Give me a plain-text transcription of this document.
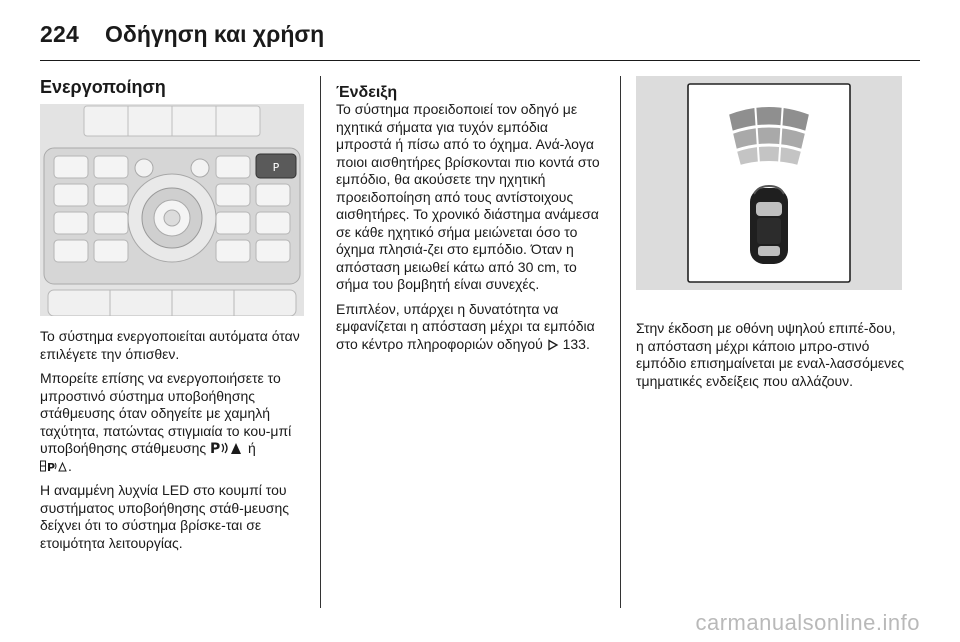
224 Οδήγηση και χρήση
Ενεργοποίηση
P

Το σύστημα ενεργοποιείται αυτόματα όταν επιλέγετε την όπισθεν.

Μπορείτε επίσης να ενεργοποιήσετε το μπροστινό σύστημα υποβοήθησης στάθμευσης όταν οδηγείτε με χαμηλή ταχύτητα, πατώντας στιγμιαία το κου-μπί υποβοήθησης στάθμευσης P ή

P .

Η αναμμένη λυχνία LED στο κουμπί του συστήματος υποβοήθησης στάθ-μευσης δείχνει ότι το σύστημα βρίσκε-ται σε ετοιμότητα λειτουργίας.

Ένδειξη

Το σύστημα προειδοποιεί τον οδηγό με ηχητικά σήματα για τυχόν εμπόδια μπροστά ή πίσω από το όχημα. Ανά-λογα ποιοι αισθητήρες βρίσκονται πιο κοντά στο εμπόδιο, θα ακούσετε την ηχητική προειδοποίηση από τους αντίστοιχους αισθητήρες. Το χρονικό διάστημα ανάμεσα σε κάθε ηχητικό σήμα μειώνεται όσο το όχημα πλησιά-ζει στο εμπόδιο. Όταν η απόσταση μειωθεί κάτω από 30 cm, το σήμα του βομβητή είναι συνεχές.

Επιπλέον, υπάρχει η δυνατότητα να εμφανίζεται η απόσταση μέχρι τα εμπόδια στο κέντρο πληροφοριών οδηγού 133.

Στην έκδοση με οθόνη υψηλού επιπέ-δου, η απόσταση μέχρι κάποιο μπρο-στινό εμπόδιο επισημαίνεται με εναλ-λασσόμενες τμηματικές ενδείξεις που αλλάζουν.

carmanualsonline.info
